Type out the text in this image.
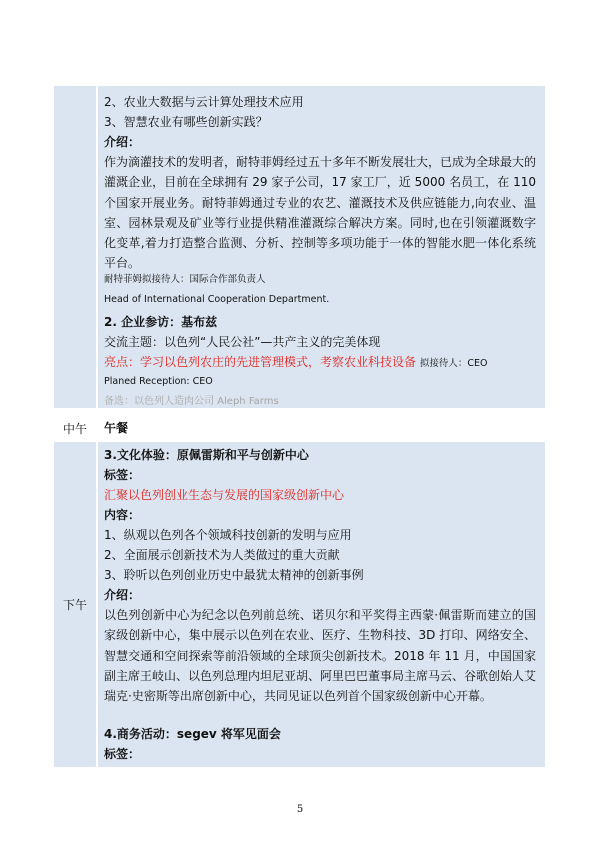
2、农业大数据与云计算处理技术应用
3、智慧农业有哪些创新实践？
介绍：
作为滴灌技术的发明者，耐特菲姆经过五十多年不断发展壮大，已成为全球最大的灌溉企业，目前在全球拥有 29 家子公司，17 家工厂，近 5000 名员工，在 110 个国家开展业务。耐特菲姆通过专业的农艺、灌溉技术及供应链能力,向农业、温室、园林景观及矿业等行业提供精准灌溉综合解决方案。同时,也在引领灌溉数字化变革,着力打造整合监测、分析、控制等多项功能于一体的智能水肥一体化系统平台。
耐特菲姆拟接待人：国际合作部负责人
Head of International Cooperation Department.
2. 企业参访：基布兹
交流主题：以色列“人民公社”—共产主义的完美体现
亮点：学习以色列农庄的先进管理模式，考察农业科技设备 拟接待人：CEO
Planed Reception: CEO
备选：以色列人造肉公司 Aleph Farms
中午	午餐
下午
3.文化体验：原佩雷斯和平与创新中心
标签：
汇聚以色列创业生态与发展的国家级创新中心
内容：
1、纵观以色列各个领域科技创新的发明与应用
2、全面展示创新技术为人类做过的重大贡献
3、聆听以色列创业历史中最犹太精神的创新事例
介绍：
以色列创新中心为纪念以色列前总统、诺贝尔和平奖得主西蒙·佩雷斯而建立的国家级创新中心，集中展示以色列在农业、医疗、生物科技、3D 打印、网络安全、智慧交通和空间探索等前沿领域的全球顶尖创新技术。2018 年 11 月，中国国家副主席王岐山、以色列总理内坦尼亚胡、阿里巴巴董事局主席马云、谷歌创始人艾瑞克·史密斯等出席创新中心，共同见证以色列首个国家级创新中心开幕。
4.商务活动：segev 将军见面会
标签：
5
